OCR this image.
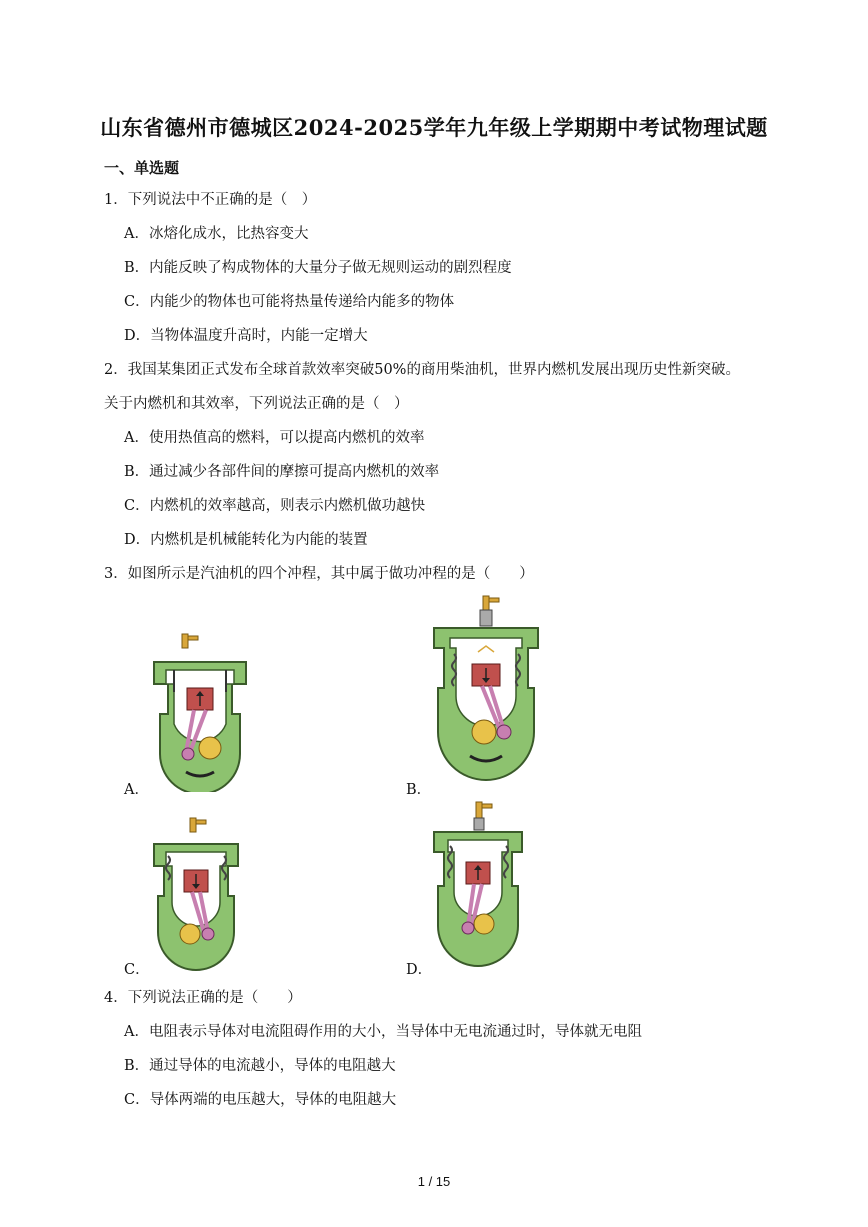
山东省德州市德城区2024-2025学年九年级上学期期中考试物理试题
一、单选题
1．下列说法中不正确的是（　）
A．冰熔化成水，比热容变大
B．内能反映了构成物体的大量分子做无规则运动的剧烈程度
C．内能少的物体也可能将热量传递给内能多的物体
D．当物体温度升高时，内能一定增大
2．我国某集团正式发布全球首款效率突破50%的商用柴油机，世界内燃机发展出现历史性新突破。
关于内燃机和其效率，下列说法正确的是（　）
A．使用热值高的燃料，可以提高内燃机的效率
B．通过减少各部件间的摩擦可提高内燃机的效率
C．内燃机的效率越高，则表示内燃机做功越快
D．内燃机是机械能转化为内能的装置
3．如图所示是汽油机的四个冲程，其中属于做功冲程的是（　　）
A．	B．
C．	D．
4．下列说法正确的是（　　）
A．电阻表示导体对电流阻碍作用的大小，当导体中无电流通过时，导体就无电阻
B．通过导体的电流越小，导体的电阻越大
C．导体两端的电压越大，导体的电阻越大
1 / 15
